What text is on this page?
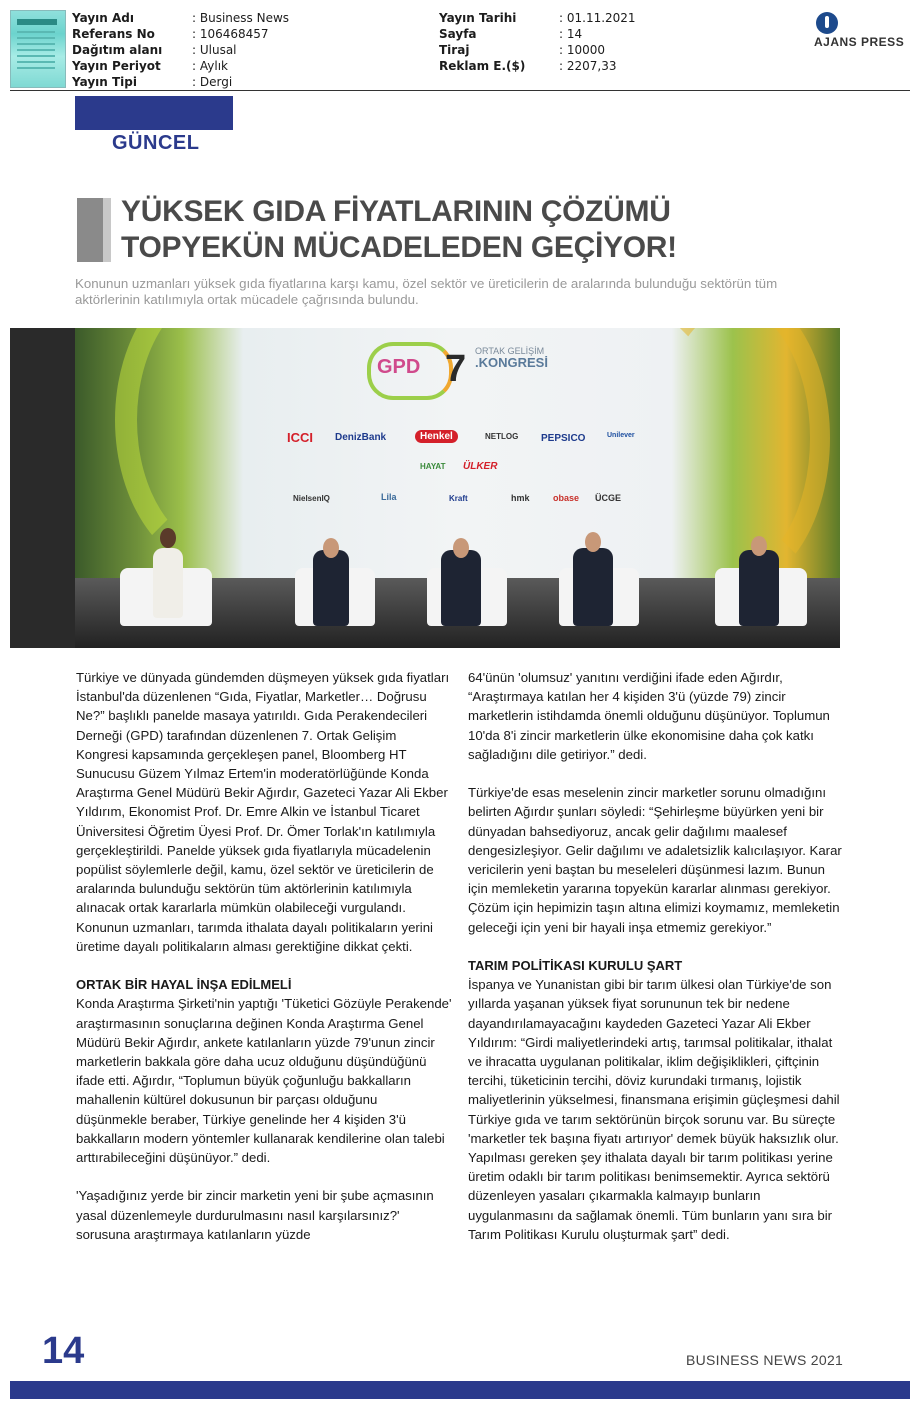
Yayın Adı	: Business News
Referans No	: 106468457
Dağıtım alanı	: Ulusal
Yayın Periyot	: Aylık
Yayın Tipi	: Dergi
Yayın Tarihi	: 01.11.2021
Sayfa	: 14
Tiraj	: 10000
Reklam E.($)	: 2207,33
AJANS PRESS
GÜNCEL
YÜKSEK GIDA FİYATLARININ ÇÖZÜMÜ
TOPYEKÜN MÜCADELEDEN GEÇİYOR!
Konunun uzmanları yüksek gıda fiyatlarına karşı kamu, özel sektör ve üreticilerin de aralarında bulunduğu sektörün tüm aktörlerinin katılımıyla ortak mücadele çağrısında bulundu.
GPD 7 ORTAK GELİŞİM
.KONGRESİ
ICCI DenizBank	Henkel	NETLOG PEPSICO	Unilever
HAYAT ÜLKER
NielsenIQ	Lila	Kraft	hmk	obase ÜCGE

Türkiye ve dünyada gündemden düşmeyen yüksek gıda fiyatları İstanbul'da düzenlenen “Gıda, Fiyatlar, Marketler… Doğrusu Ne?” başlıklı panelde masaya yatırıldı. Gıda Perakendecileri Derneği (GPD) tarafından düzenlenen 7. Ortak Gelişim Kongresi kapsamında gerçekleşen panel, Bloomberg HT Sunucusu Güzem Yılmaz Ertem'in moderatörlüğünde Konda Araştırma Genel Müdürü Bekir Ağırdır, Gazeteci Yazar Ali Ekber Yıldırım, Ekonomist Prof. Dr. Emre Alkin ve İstanbul Ticaret Üniversitesi Öğretim Üyesi Prof. Dr. Ömer Torlak'ın katılımıyla gerçekleştirildi. Panelde yüksek gıda fiyatlarıyla mücadelenin popülist söylemlerle değil, kamu, özel sektör ve üreticilerin de aralarında bulunduğu sektörün tüm aktörlerinin katılımıyla alınacak ortak kararlarla mümkün olabileceği vurgulandı. Konunun uzmanları, tarımda ithalata dayalı politikaların yerini üretime dayalı politikaların alması gerektiğine dikkat çekti.

ORTAK BİR HAYAL İNŞA EDİLMELİ

Konda Araştırma Şirketi'nin yaptığı 'Tüketici Gözüyle Perakende' araştırmasının sonuçlarına değinen Konda Araştırma Genel Müdürü Bekir Ağırdır, ankete katılanların yüzde 79'unun zincir marketlerin bakkala göre daha ucuz olduğunu düşündüğünü ifade etti. Ağırdır, “Toplumun büyük çoğunluğu bakkalların mahallenin kültürel dokusunun bir parçası olduğunu düşünmekle beraber, Türkiye genelinde her 4 kişiden 3'ü bakkalların modern yöntemler kullanarak kendilerine olan talebi arttırabileceğini düşünüyor.” dedi.

'Yaşadığınız yerde bir zincir marketin yeni bir şube açmasının yasal düzenlemeyle durdurulmasını nasıl karşılarsınız?' sorusuna araştırmaya katılanların yüzde

64'ünün 'olumsuz' yanıtını verdiğini ifade eden Ağırdır, “Araştırmaya katılan her 4 kişiden 3'ü (yüzde 79) zincir marketlerin istihdamda önemli olduğunu düşünüyor. Toplumun 10'da 8'i zincir marketlerin ülke ekonomisine daha çok katkı sağladığını dile getiriyor.” dedi.

Türkiye'de esas meselenin zincir marketler sorunu olmadığını belirten Ağırdır şunları söyledi: “Şehirleşme büyürken yeni bir dünyadan bahsediyoruz, ancak gelir dağılımı maalesef dengesizleşiyor. Gelir dağılımı ve adaletsizlik kalıcılaşıyor. Karar vericilerin yeni baştan bu meseleleri düşünmesi lazım. Bunun için memleketin yararına topyekün kararlar alınması gerekiyor. Çözüm için hepimizin taşın altına elimizi koymamız, memleketin geleceği için yeni bir hayali inşa etmemiz gerekiyor.”

TARIM POLİTİKASI KURULU ŞART

İspanya ve Yunanistan gibi bir tarım ülkesi olan Türkiye'de son yıllarda yaşanan yüksek fiyat sorununun tek bir nedene dayandırılamayacağını kaydeden Gazeteci Yazar Ali Ekber Yıldırım: “Girdi maliyetlerindeki artış, tarımsal politikalar, ithalat ve ihracatta uygulanan politikalar, iklim değişiklikleri, çiftçinin tercihi, tüketicinin tercihi, döviz kurundaki tırmanış, lojistik maliyetlerinin yükselmesi, finansmana erişimin güçleşmesi dahil Türkiye gıda ve tarım sektörünün birçok sorunu var. Bu süreçte 'marketler tek başına fiyatı artırıyor' demek büyük haksızlık olur. Yapılması gereken şey ithalata dayalı bir tarım politikası yerine üretim odaklı bir tarım politikası benimsemektir. Ayrıca sektörü düzenleyen yasaları çıkarmakla kalmayıp bunların uygulanmasını da sağlamak önemli. Tüm bunların yanı sıra bir Tarım Politikası Kurulu oluşturmak şart” dedi.

14	BUSINESS NEWS 2021
